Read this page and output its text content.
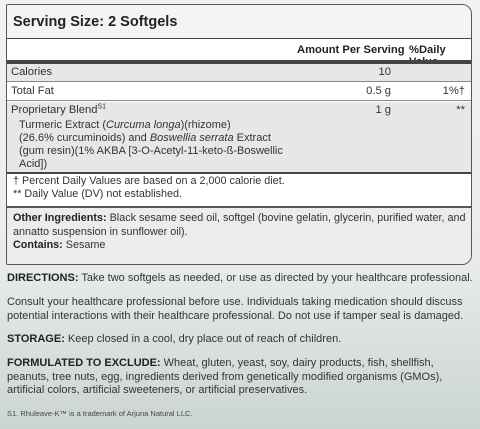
Serving Size: 2 Softgels
Amount Per Serving %Daily
Calories	10
Total Fat	0.5 g	1%†
Proprietary Blend$^{S1}$	1 g	**
Turmeric Extract (Curcuma longa)(rhizome)
(26.6% curcuminoids) and Boswellia serrata Extract
(gum resin)(1% AKBA [3-O-Acetyl-11-keto-ß-Boswellic
Acid])
† Percent Daily Values are based on a 2,000 calorie diet.
** Daily Value (DV) not established.
Other Ingredients: Black sesame seed oil, softgel (bovine gelatin, glycerin, purified water, and annatto suspension in sunflower oil).
Contains: Sesame
DIRECTIONS: Take two softgels as needed, or use as directed by your healthcare professional.
Consult your healthcare professional before use. Individuals taking medication should discuss potential interactions with their healthcare professional. Do not use if tamper seal is damaged.
STORAGE: Keep closed in a cool, dry place out of reach of children.
FORMULATED TO EXCLUDE: Wheat, gluten, yeast, soy, dairy products, fish, shellfish, peanuts, tree nuts, egg, ingredients derived from genetically modified organisms (GMOs), artificial colors, artificial sweeteners, or artificial preservatives.
S1. Rhuleave-K™ is a trademark of Arjuna Natural LLC.
